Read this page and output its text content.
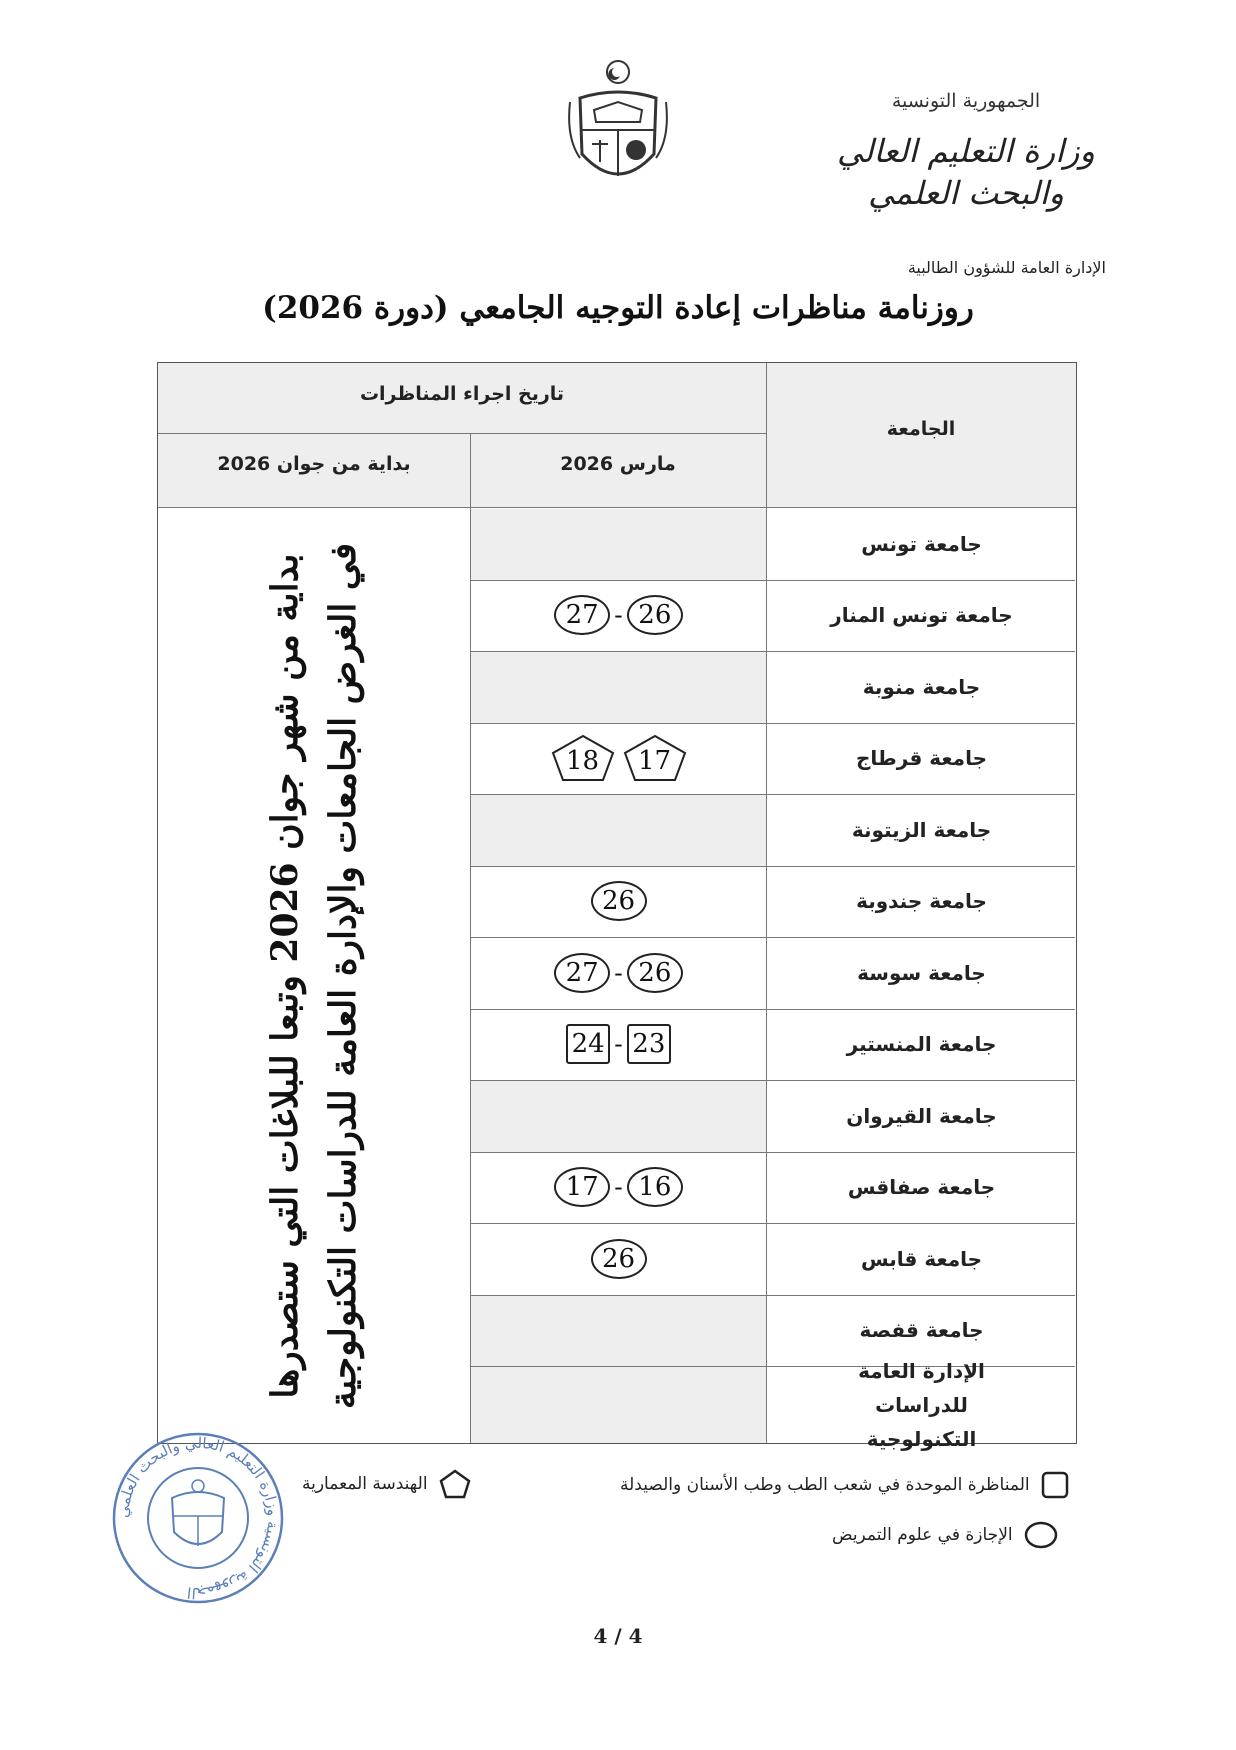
الجمهورية التونسية
وزارة التعليم العالي
والبحث العلمي
الإدارة العامة للشؤون الطالبية
روزنامة مناظرات إعادة التوجيه الجامعي (دورة 2026)
تاريخ اجراء المناظرات
الجامعة
بداية من جوان 2026	مارس 2026
جامعة تونس
جامعة تونس المنار
27 - 26
جامعة منوبة
جامعة قرطاج
18 17
جامعة الزيتونة
جامعة جندوبة
26
جامعة سوسة
27 - 26
جامعة المنستير
24 - 23
جامعة القيروان
جامعة صفاقس
17 - 16
جامعة قابس
26
جامعة قفصة
الإدارة العامة للدراسات التكنولوجية
بداية من شهر جوان 2026 وتبعا للبلاغات التي ستصدرها في الغرض الجامعات والإدارة العامة للدراسات التكنولوجية
المناظرة الموحدة في شعب الطب وطب الأسنان والصيدلة
الإجازة في علوم التمريض
الهندسة المعمارية
الجمهورية التونسية وزارة التعليم العالي والبحث العلمي
4 / 4
